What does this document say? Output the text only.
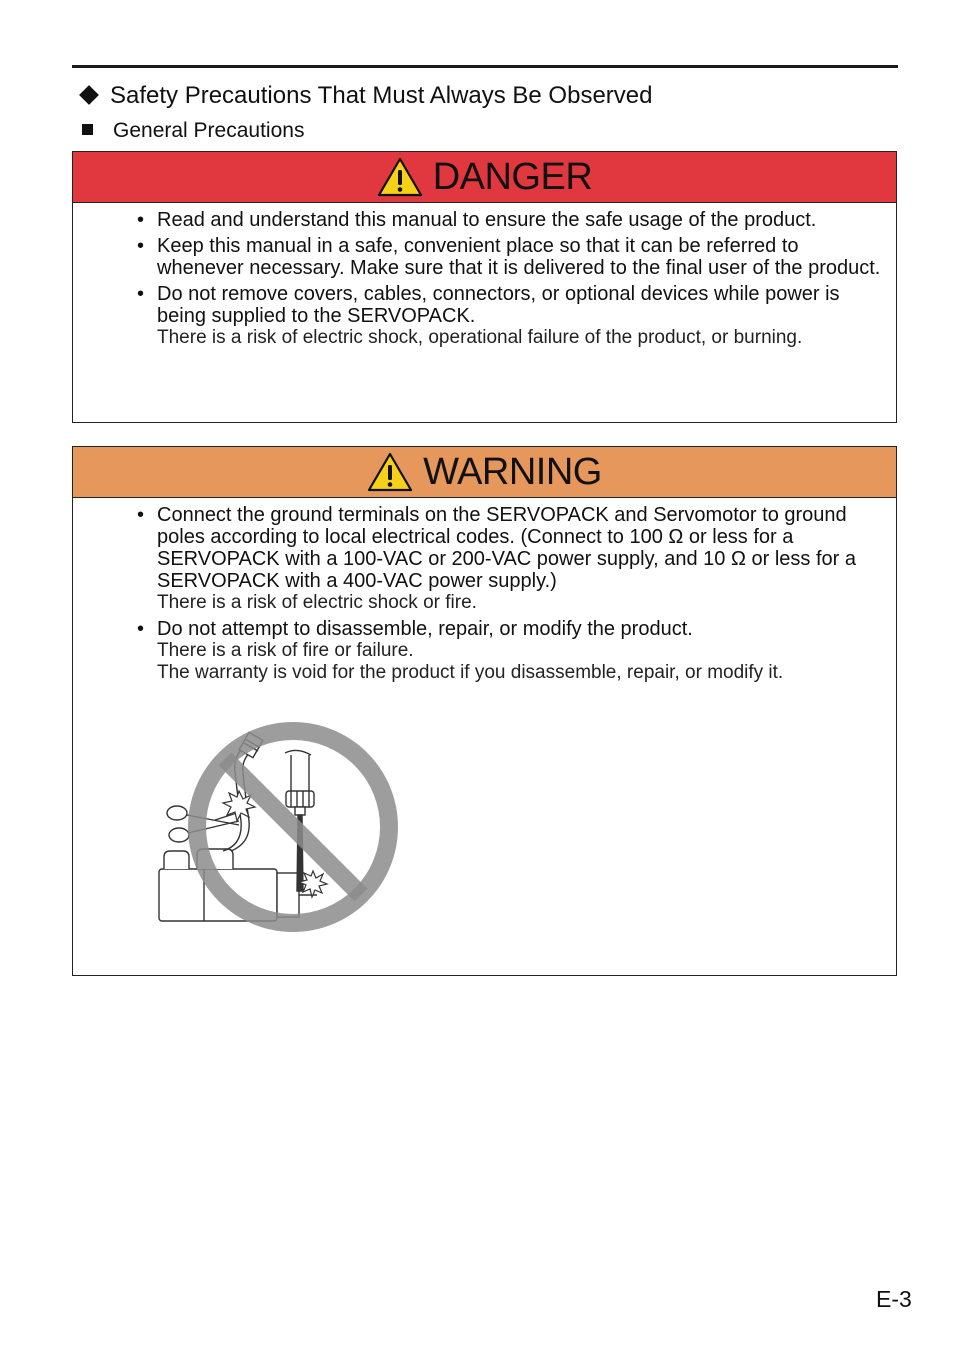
Safety Precautions That Must Always Be Observed
General Precautions
DANGER
• Read and understand this manual to ensure the safe usage of the product.
• Keep this manual in a safe, convenient place so that it can be referred to whenever necessary. Make sure that it is delivered to the final user of the product.
• Do not remove covers, cables, connectors, or optional devices while power is being supplied to the SERVOPACK.
There is a risk of electric shock, operational failure of the product, or burning.
WARNING
• Connect the ground terminals on the SERVOPACK and Servomotor to ground poles according to local electrical codes. (Connect to 100 Ω or less for a SERVOPACK with a 100-VAC or 200-VAC power supply, and 10 Ω or less for a SERVOPACK with a 400-VAC power supply.)
There is a risk of electric shock or fire.
• Do not attempt to disassemble, repair, or modify the product.
There is a risk of fire or failure.
The warranty is void for the product if you disassemble, repair, or modify it.
E-3
